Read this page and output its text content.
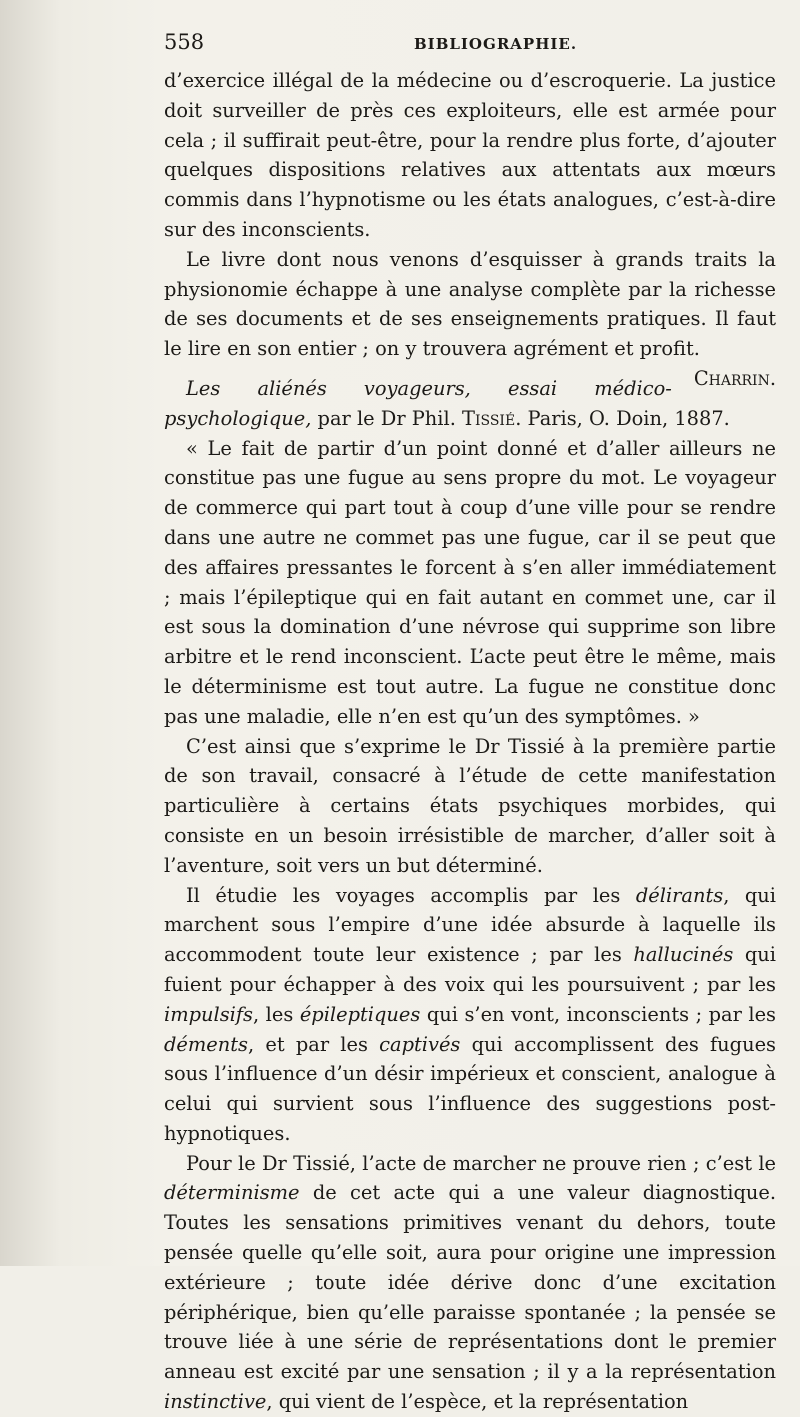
558	BIBLIOGRAPHIE.

d’exercice illégal de la médecine ou d’escroquerie. La justice doit surveiller de près ces exploiteurs, elle est armée pour cela ; il suffirait peut-être, pour la rendre plus forte, d’ajouter quelques dispositions relatives aux attentats aux mœurs commis dans l’hypnotisme ou les états analogues, c’est-à-dire sur des inconscients.

Le livre dont nous venons d’esquisser à grands traits la physionomie échappe à une analyse complète par la richesse de ses documents et de ses enseignements pratiques. Il faut le lire en son entier ; on y trouvera agrément et profit.
Charrin.

Les aliénés voyageurs, essai médico-psychologique, par le Dr Phil. Tissié. Paris, O. Doin, 1887.

« Le fait de partir d’un point donné et d’aller ailleurs ne constitue pas une fugue au sens propre du mot. Le voyageur de commerce qui part tout à coup d’une ville pour se rendre dans une autre ne commet pas une fugue, car il se peut que des affaires pressantes le forcent à s’en aller immédiatement ; mais l’épileptique qui en fait autant en commet une, car il est sous la domination d’une névrose qui supprime son libre arbitre et le rend inconscient. L’acte peut être le même, mais le déterminisme est tout autre. La fugue ne constitue donc pas une maladie, elle n’en est qu’un des symptômes. »

C’est ainsi que s’exprime le Dr Tissié à la première partie de son travail, consacré à l’étude de cette manifestation particulière à certains états psychiques morbides, qui consiste en un besoin irrésistible de marcher, d’aller soit à l’aventure, soit vers un but déterminé.

Il étudie les voyages accomplis par les délirants, qui marchent sous l’empire d’une idée absurde à laquelle ils accommodent toute leur existence ; par les hallucinés qui fuient pour échapper à des voix qui les poursuivent ; par les impulsifs, les épileptiques qui s’en vont, inconscients ; par les déments, et par les captivés qui accomplissent des fugues sous l’influence d’un désir impérieux et conscient, analogue à celui qui survient sous l’influence des suggestions post-hypnotiques.

Pour le Dr Tissié, l’acte de marcher ne prouve rien ; c’est le déterminisme de cet acte qui a une valeur diagnostique. Toutes les sensations primitives venant du dehors, toute pensée quelle qu’elle soit, aura pour origine une impression extérieure ; toute idée dérive donc d’une excitation périphérique, bien qu’elle paraisse spontanée ; la pensée se trouve liée à une série de représentations dont le premier anneau est excité par une sensation ; il y a la représentation instinctive, qui vient de l’espèce, et la représentation
